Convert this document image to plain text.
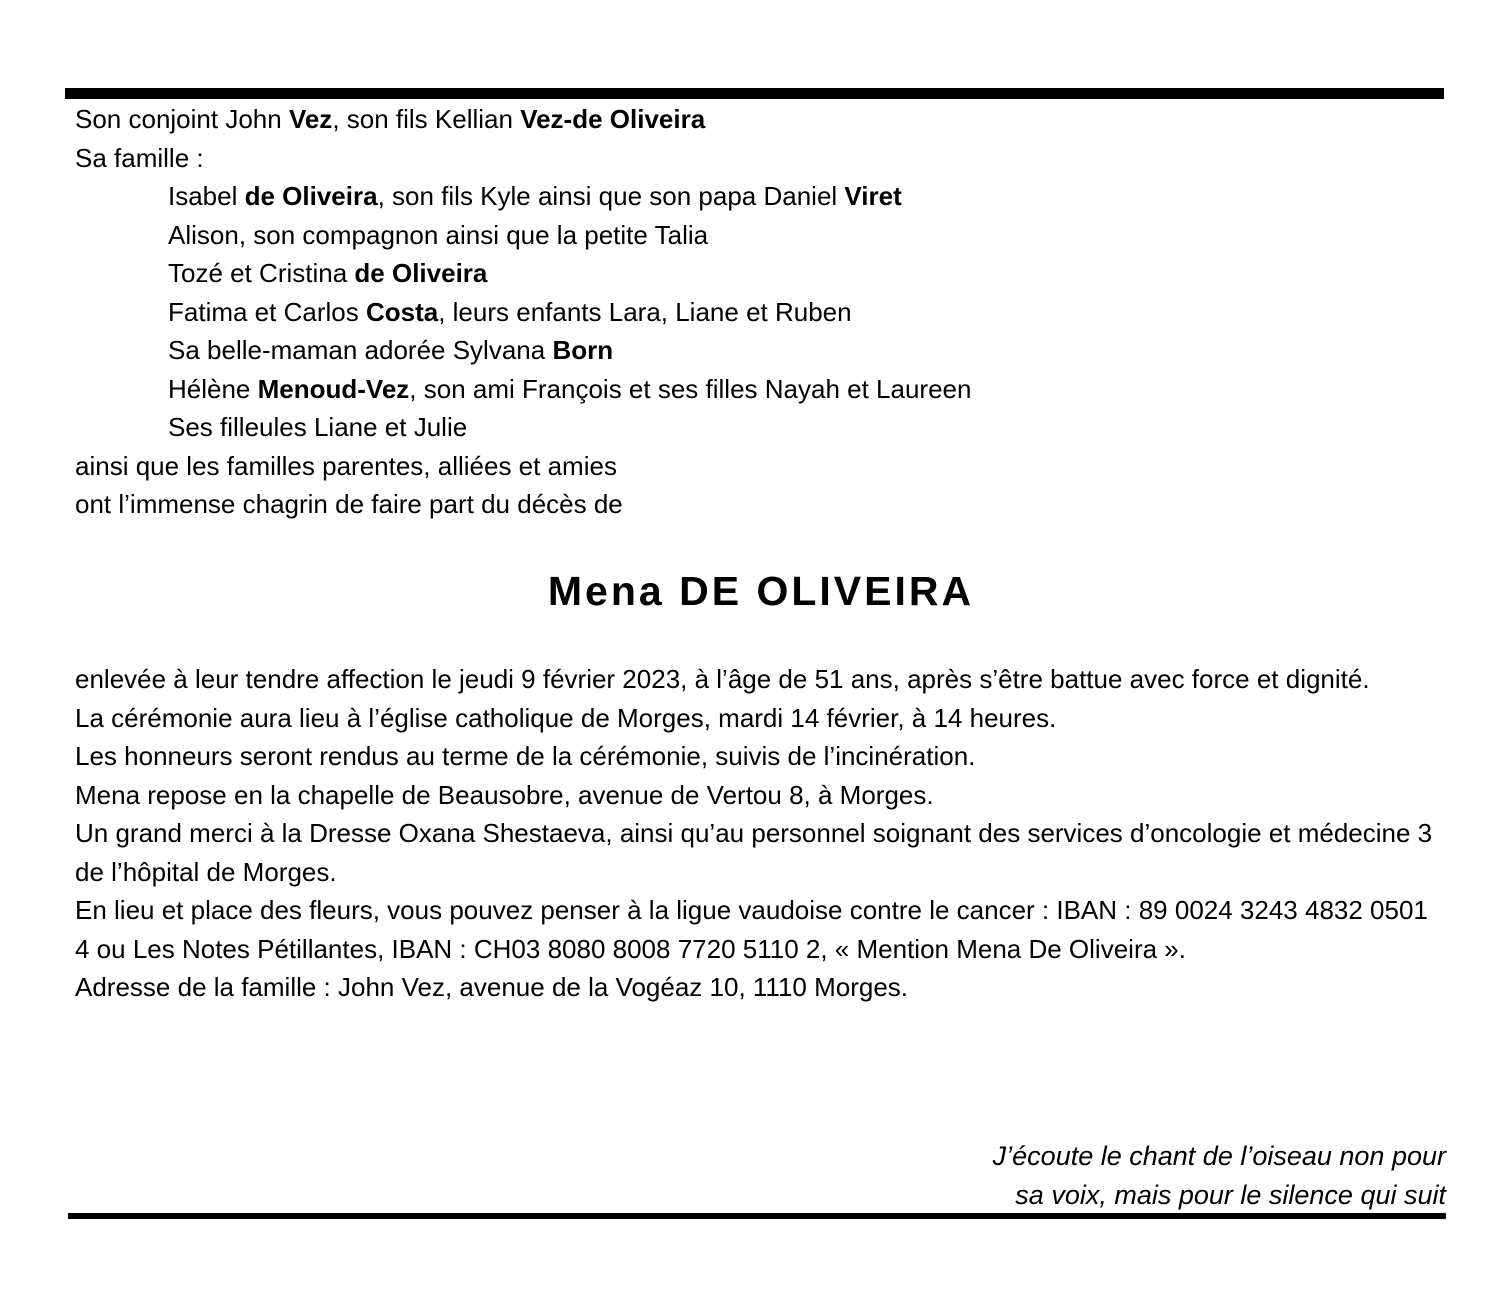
Son conjoint John Vez, son fils Kellian Vez-de Oliveira
Sa famille :
Isabel de Oliveira, son fils Kyle ainsi que son papa Daniel Viret
Alison, son compagnon ainsi que la petite Talia
Tozé et Cristina de Oliveira
Fatima et Carlos Costa, leurs enfants Lara, Liane et Ruben
Sa belle-maman adorée Sylvana Born
Hélène Menoud-Vez, son ami François et ses filles Nayah et Laureen
Ses filleules Liane et Julie
ainsi que les familles parentes, alliées et amies
ont l’immense chagrin de faire part du décès de
Mena DE OLIVEIRA

enlevée à leur tendre affection le jeudi 9 février 2023, à l’âge de 51 ans, après s’être battue avec force et dignité.

La cérémonie aura lieu à l’église catholique de Morges, mardi 14 février, à 14 heures.

Les honneurs seront rendus au terme de la cérémonie, suivis de l’incinération.

Mena repose en la chapelle de Beausobre, avenue de Vertou 8, à Morges.

Un grand merci à la Dresse Oxana Shestaeva, ainsi qu’au personnel soignant des services d’oncologie et médecine 3 de l’hôpital de Morges.

En lieu et place des fleurs, vous pouvez penser à la ligue vaudoise contre le cancer : IBAN : 89 0024 3243 4832 0501 4 ou Les Notes Pétillantes, IBAN : CH03 8080 8008 7720 5110 2, « Mention Mena De Oliveira ».

Adresse de la famille : John Vez, avenue de la Vogéaz 10, 1110 Morges.

J’écoute le chant de l’oiseau non pour
sa voix, mais pour le silence qui suit
